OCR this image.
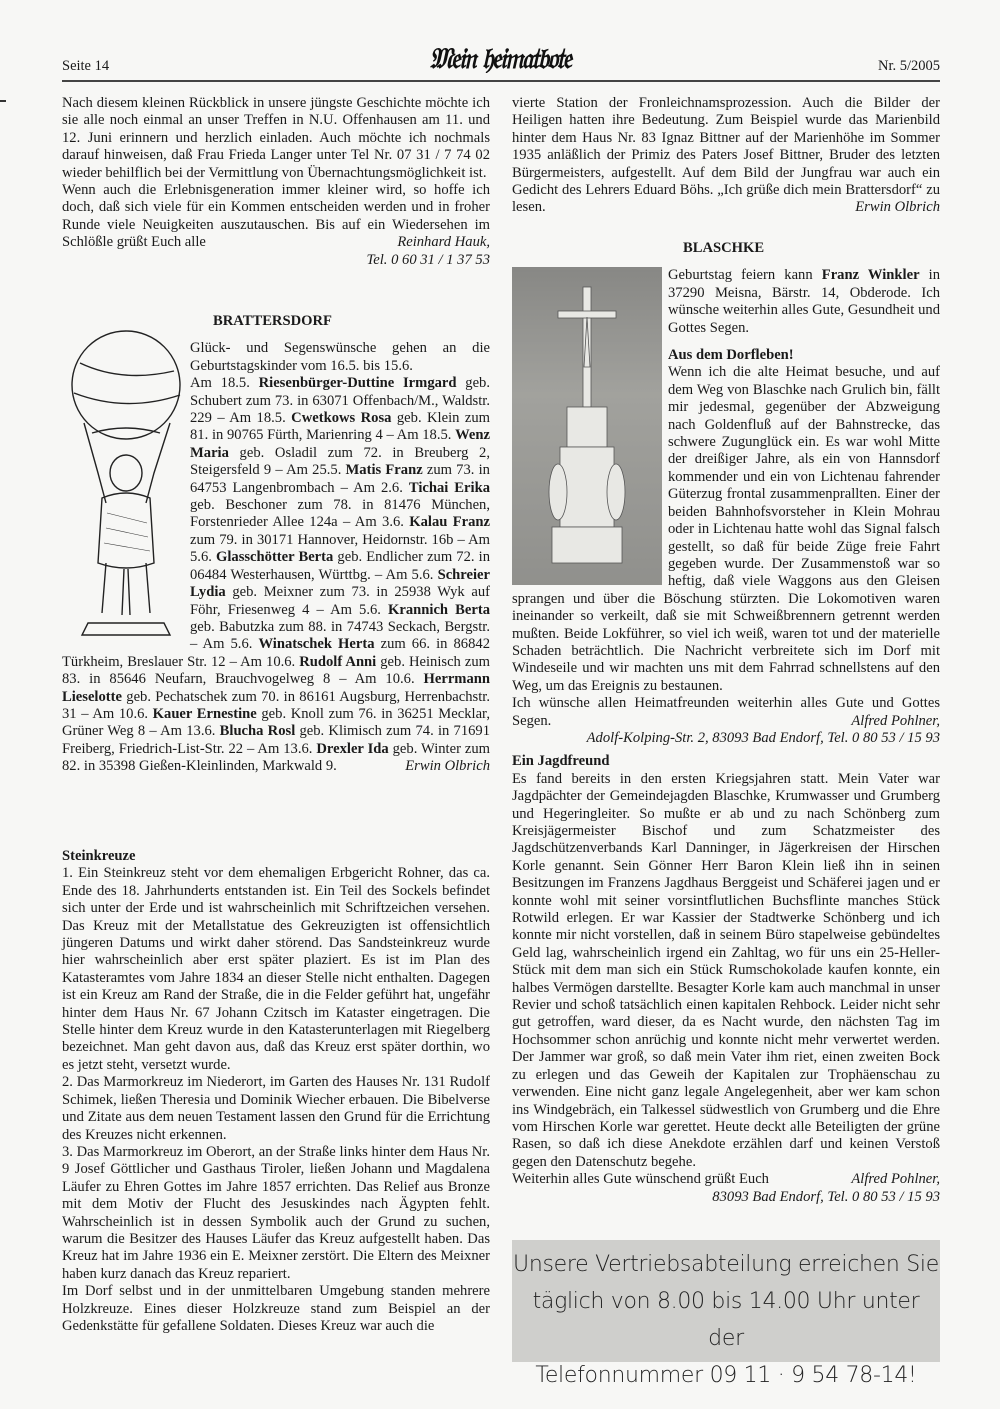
Seite 14	𝔐𝔢𝔦𝔫 𝔥𝔢𝔦𝔪𝔞𝔱𝔟𝔬𝔱𝔢	Nr. 5/2005

Nach diesem kleinen Rückblick in unsere jüngste Geschichte möchte ich sie alle noch einmal an unser Treffen in N.U. Offenhausen am 11. und 12. Juni erinnern und herzlich einladen. Auch möchte ich nochmals darauf hinweisen, daß Frau Frieda Langer unter Tel Nr. 07 31 / 7 74 02 wieder behilflich bei der Vermittlung von Übernachtungsmöglichkeit ist.

Wenn auch die Erlebnisgeneration immer kleiner wird, so hoffe ich doch, daß sich viele für ein Kommen entscheiden werden und in froher Runde viele Neuigkeiten auszutauschen. Bis auf ein Wiedersehen im Schlößle grüßt Euch alle	Reinhard Hauk,

Tel. 0 60 31 / 1 37 53

BRATTERSDORF

Glück- und Segenswünsche gehen an die Geburtstagskinder vom 16.5. bis 15.6.

Am 18.5. Riesenbürger-Duttine Irmgard geb. Schubert zum 73. in 63071 Offenbach/M., Waldstr. 229 – Am 18.5. Cwetkows Rosa geb. Klein zum 81. in 90765 Fürth, Marienring 4 – Am 18.5. Wenz Maria geb. Osladil zum 72. in Breuberg 2, Steigersfeld 9 – Am 25.5. Matis Franz zum 73. in 64753 Langenbrombach – Am 2.6. Tichai Erika geb. Beschoner zum 78. in 81476 München, Forstenrieder Allee 124a – Am 3.6. Kalau Franz zum 79. in 30171 Hannover, Heidornstr. 16b – Am 5.6. Glasschötter Berta geb. Endlicher zum 72. in 06484 Westerhausen, Württbg. – Am 5.6. Schreier Lydia geb. Meixner zum 73. in 25938 Wyk auf Föhr, Friesenweg 4 – Am 5.6. Krannich Berta geb. Babutzka zum 88. in 74743 Seckach, Bergstr. – Am 5.6. Winatschek Herta zum 66. in 86842 Türkheim, Breslauer Str. 12 – Am 10.6. Rudolf Anni geb. Heinisch zum 83. in 85646 Neufarn, Brauchvogelweg 8 – Am 10.6. Herrmann Lieselotte geb. Pechatschek zum 70. in 86161 Augsburg, Herrenbachstr. 31 – Am 10.6. Kauer Ernestine geb. Knoll zum 76. in 36251 Mecklar, Grüner Weg 8 – Am 13.6. Blucha Rosl geb. Klimisch zum 74. in 71691 Freiberg, Friedrich-List-Str. 22 – Am 13.6. Drexler Ida geb. Winter zum 82. in 35398 Gießen-Kleinlinden, Markwald 9.	Erwin Olbrich

Steinkreuze

1. Ein Steinkreuz steht vor dem ehemaligen Erbgericht Rohner, das ca. Ende des 18. Jahrhunderts entstanden ist. Ein Teil des Sockels befindet sich unter der Erde und ist wahrscheinlich mit Schriftzeichen versehen. Das Kreuz mit der Metallstatue des Gekreuzigten ist offensichtlich jüngeren Datums und wirkt daher störend. Das Sandsteinkreuz wurde hier wahrscheinlich aber erst später plaziert. Es ist im Plan des Katasteramtes vom Jahre 1834 an dieser Stelle nicht enthalten. Dagegen ist ein Kreuz am Rand der Straße, die in die Felder geführt hat, ungefähr hinter dem Haus Nr. 67 Johann Czitsch im Kataster eingetragen. Die Stelle hinter dem Kreuz wurde in den Katasterunterlagen mit Riegelberg bezeichnet. Man geht davon aus, daß das Kreuz erst später dorthin, wo es jetzt steht, versetzt wurde.

2. Das Marmorkreuz im Niederort, im Garten des Hauses Nr. 131 Rudolf Schimek, ließen Theresia und Dominik Wiecher erbauen. Die Bibelverse und Zitate aus dem neuen Testament lassen den Grund für die Errichtung des Kreuzes nicht erkennen.

3. Das Marmorkreuz im Oberort, an der Straße links hinter dem Haus Nr. 9 Josef Göttlicher und Gasthaus Tiroler, ließen Johann und Magdalena Läufer zu Ehren Gottes im Jahre 1857 errichten. Das Relief aus Bronze mit dem Motiv der Flucht des Jesuskindes nach Ägypten fehlt. Wahrscheinlich ist in dessen Symbolik auch der Grund zu suchen, warum die Besitzer des Hauses Läufer das Kreuz aufgestellt haben. Das Kreuz hat im Jahre 1936 ein E. Meixner zerstört. Die Eltern des Meixner haben kurz danach das Kreuz repariert.

Im Dorf selbst und in der unmittelbaren Umgebung standen mehrere Holzkreuze. Eines dieser Holzkreuze stand zum Beispiel an der Gedenkstätte für gefallene Soldaten. Dieses Kreuz war auch die

vierte Station der Fronleichnamsprozession. Auch die Bilder der Heiligen hatten ihre Bedeutung. Zum Beispiel wurde das Marienbild hinter dem Haus Nr. 83 Ignaz Bittner auf der Marienhöhe im Sommer 1935 anläßlich der Primiz des Paters Josef Bittner, Bruder des letzten Bürgermeisters, aufgestellt. Auf dem Bild der Jungfrau war auch ein Gedicht des Lehrers Eduard Böhs. „Ich grüße dich mein Brattersdorf“ zu lesen.	Erwin Olbrich

BLASCHKE

Geburtstag feiern kann Franz Winkler in 37290 Meisna, Bärstr. 14, Obderode. Ich wünsche weiterhin alles Gute, Gesundheit und Gottes Segen.

Aus dem Dorfleben!

Wenn ich die alte Heimat besuche, und auf dem Weg von Blaschke nach Grulich bin, fällt mir jedesmal, gegenüber der Abzweigung nach Goldenfluß auf der Bahnstrecke, das schwere Zugunglück ein. Es war wohl Mitte der dreißiger Jahre, als ein von Hannsdorf kommender und ein von Lichtenau fahrender Güterzug frontal zusammenprallten. Einer der beiden Bahnhofsvorsteher in Klein Mohrau oder in Lichtenau hatte wohl das Signal falsch gestellt, so daß für beide Züge freie Fahrt gegeben wurde. Der Zusammenstoß war so heftig, daß viele Waggons aus den Gleisen sprangen und über die Böschung stürzten. Die Lokomotiven waren ineinander so verkeilt, daß sie mit Schweißbrennern getrennt werden mußten. Beide Lokführer, so viel ich weiß, waren tot und der materielle Schaden beträchtlich. Die Nachricht verbreitete sich im Dorf mit Windeseile und wir machten uns mit dem Fahrrad schnellstens auf den Weg, um das Ereignis zu bestaunen.

Ich wünsche allen Heimatfreunden weiterhin alles Gute und Gottes Segen.	Alfred Pohlner,

Adolf-Kolping-Str. 2, 83093 Bad Endorf, Tel. 0 80 53 / 15 93

Ein Jagdfreund

Es fand bereits in den ersten Kriegsjahren statt. Mein Vater war Jagdpächter der Gemeindejagden Blaschke, Krumwasser und Grumberg und Hegeringleiter. So mußte er ab und zu nach Schönberg zum Kreisjägermeister Bischof und zum Schatzmeister des Jagdschützenverbands Karl Danninger, in Jägerkreisen der Hirschen Korle genannt. Sein Gönner Herr Baron Klein ließ ihn in seinen Besitzungen im Franzens Jagdhaus Berggeist und Schäferei jagen und er konnte wohl mit seiner vorsintflutlichen Buchsflinte manches Stück Rotwild erlegen. Er war Kassier der Stadtwerke Schönberg und ich konnte mir nicht vorstellen, daß in seinem Büro stapelweise gebündeltes Geld lag, wahrscheinlich irgend ein Zahltag, wo für uns ein 25-Heller-Stück mit dem man sich ein Stück Rumschokolade kaufen konnte, ein halbes Vermögen darstellte. Besagter Korle kam auch manchmal in unser Revier und schoß tatsächlich einen kapitalen Rehbock. Leider nicht sehr gut getroffen, ward dieser, da es Nacht wurde, den nächsten Tag im Hochsommer schon anrüchig und konnte nicht mehr verwertet werden. Der Jammer war groß, so daß mein Vater ihm riet, einen zweiten Bock zu erlegen und das Geweih der Kapitalen zur Trophäenschau zu verwenden. Eine nicht ganz legale Angelegenheit, aber wer kam schon ins Windgebräch, ein Talkessel südwestlich von Grumberg und die Ehre vom Hirschen Korle war gerettet. Heute deckt alle Beteiligten der grüne Rasen, so daß ich diese Anekdote erzählen darf und keinen Verstoß gegen den Datenschutz begehe.

Weiterhin alles Gute wünschend grüßt Euch	Alfred Pohlner,

83093 Bad Endorf, Tel. 0 80 53 / 15 93

Unsere Vertriebsabteilung erreichen Sie
täglich von 8.00 bis 14.00 Uhr unter der
Telefonnummer 09 11 · 9 54 78-14!
